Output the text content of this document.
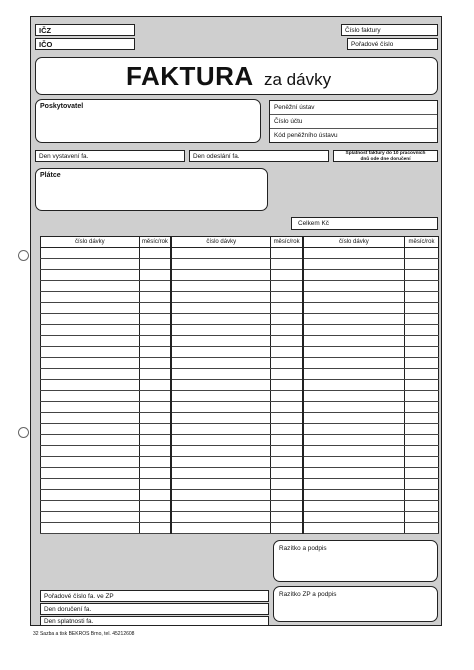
IČZ
IČO
Číslo faktury
Pořadové číslo
FAKTURA za dávky
Poskytovatel	Peněžní ústav
Číslo účtu
Kód peněžního ústavu
Den vystavení fa.	Den odeslání fa.	Splatnost faktury do 10 pracovních
dnů ode dne doručení
Plátce
Celkem Kč
číslo dávky	měsíc/rok	číslo dávky	měsíc/rok	číslo dávky	měsíc/rok

Razítko a podpis
Razítko ZP a podpis
Pořadové číslo fa. ve ZP
Den doručení fa.
Den splatnosti fa.
32 Sazba a tisk BEKROS Brno, tel. 45212608
